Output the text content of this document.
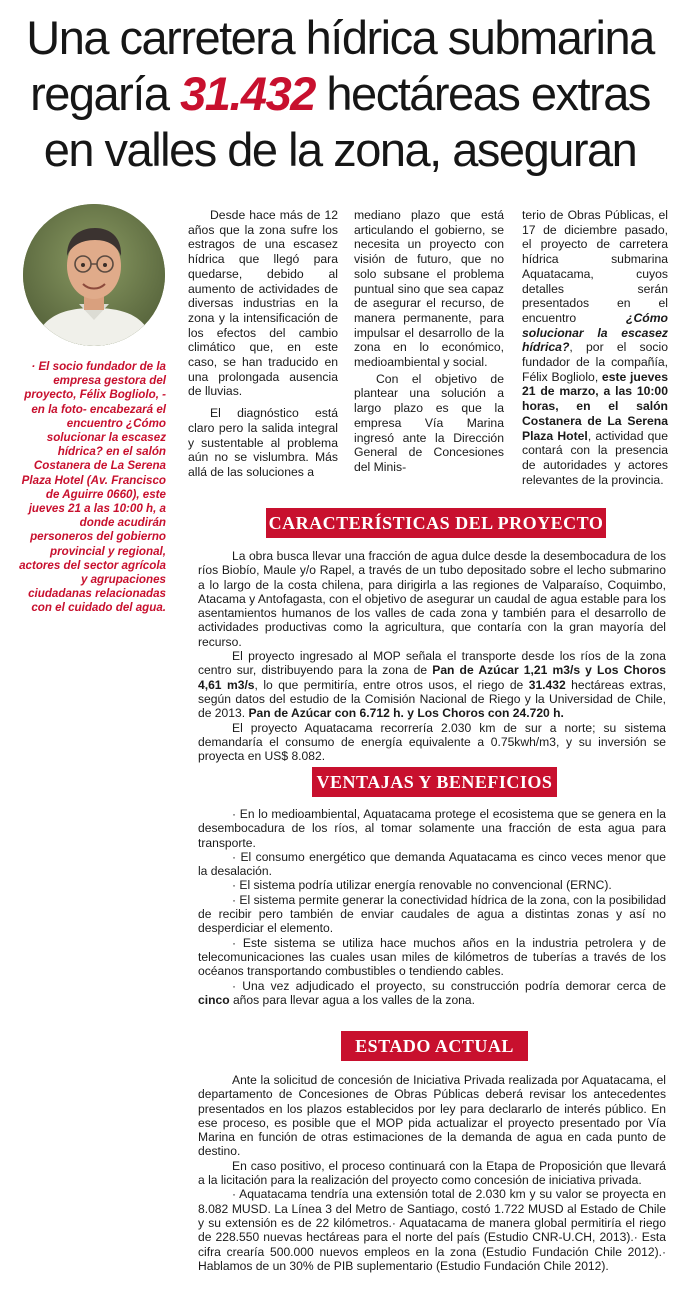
Una carretera hídrica submarina
regaría 31.432 hectáreas extras
en valles de la zona, aseguran
· El socio fundador de la empresa gestora del proyecto, Félix Bogliolo, -en la foto- encabezará el encuentro ¿Cómo solucionar la escasez hídrica? en el salón Costanera de La Serena Plaza Hotel (Av. Francisco de Aguirre 0660), este jueves 21 a las 10:00 h, a donde acudirán personeros del gobierno provincial y regional, actores del sector agrícola y agrupaciones ciudadanas relacionadas con el cuidado del agua.

Desde hace más de 12 años que la zona sufre los estragos de una escasez hídrica que llegó para quedarse, debido al aumento de actividades de diversas industrias en la zona y la intensificación de los efectos del cambio climático que, en este caso, se han traducido en una prolongada ausencia de lluvias.

El diagnóstico está claro pero la salida integral y sustentable al problema aún no se vislumbra. Más allá de las soluciones a

mediano plazo que está articulando el gobierno, se necesita un proyecto con visión de futuro, que no solo subsane el problema puntual sino que sea capaz de asegurar el recurso, de manera permanente, para impulsar el desarrollo de la zona en lo económico, medioambiental y social.

Con el objetivo de plantear una solución a largo plazo es que la empresa Vía Marina ingresó ante la Dirección General de Concesiones del Minis-

terio de Obras Públicas, el 17 de diciembre pasado, el proyecto de carretera hídrica submarina Aquatacama, cuyos detalles serán presentados en el encuentro ¿Cómo solucionar la escasez hídrica?, por el socio fundador de la compañía, Félix Bogliolo, este jueves 21 de marzo, a las 10:00 horas, en el salón Costanera de La Serena Plaza Hotel, actividad que contará con la presencia de autoridades y actores relevantes de la provincia.

CARACTERÍSTICAS DEL PROYECTO

La obra busca llevar una fracción de agua dulce desde la desembocadura de los ríos Biobío, Maule y/o Rapel, a través de un tubo depositado sobre el lecho submarino a lo largo de la costa chilena, para dirigirla a las regiones de Valparaíso, Coquimbo, Atacama y Antofagasta, con el objetivo de asegurar un caudal de agua estable para los asentamientos humanos de los valles de cada zona y también para el desarrollo de actividades productivas como la agricultura, que contaría con la gran mayoría del recurso.

El proyecto ingresado al MOP señala el transporte desde los ríos de la zona centro sur, distribuyendo para la zona de Pan de Azúcar 1,21 m3/s y Los Choros 4,61 m3/s, lo que permitiría, entre otros usos, el riego de 31.432 hectáreas extras, según datos del estudio de la Comisión Nacional de Riego y la Universidad de Chile, de 2013. Pan de Azúcar con 6.712 h. y Los Choros con 24.720 h.

El proyecto Aquatacama recorrería 2.030 km de sur a norte; su sistema demandaría el consumo de energía equivalente a 0.75kwh/m3, y su inversión se proyecta en US$ 8.082.

VENTAJAS Y BENEFICIOS

· En lo medioambiental, Aquatacama protege el ecosistema que se genera en la desembocadura de los ríos, al tomar solamente una fracción de esta agua para transporte.

· El consumo energético que demanda Aquatacama es cinco veces menor que la desalación.

· El sistema podría utilizar energía renovable no convencional (ERNC).

· El sistema permite generar la conectividad hídrica de la zona, con la posibilidad de recibir pero también de enviar caudales de agua a distintas zonas y así no desperdiciar el elemento.

· Este sistema se utiliza hace muchos años en la industria petrolera y de telecomunicaciones las cuales usan miles de kilómetros de tuberías a través de los océanos transportando combustibles o tendiendo cables.

· Una vez adjudicado el proyecto, su construcción podría demorar cerca de cinco años para llevar agua a los valles de la zona.

ESTADO ACTUAL

Ante la solicitud de concesión de Iniciativa Privada realizada por Aquatacama, el departamento de Concesiones de Obras Públicas deberá revisar los antecedentes presentados en los plazos establecidos por ley para declararlo de interés público. En ese proceso, es posible que el MOP pida actualizar el proyecto presentado por Vía Marina en función de otras estimaciones de la demanda de agua en cada punto de destino.

En caso positivo, el proceso continuará con la Etapa de Proposición que llevará a la licitación para la realización del proyecto como concesión de iniciativa privada.

· Aquatacama tendría una extensión total de 2.030 km y su valor se proyecta en 8.082 MUSD. La Línea 3 del Metro de Santiago, costó 1.722 MUSD al Estado de Chile y su extensión es de 22 kilómetros.· Aquatacama de manera global permitiría el riego de 228.550 nuevas hectáreas para el norte del país (Estudio CNR-U.CH, 2013).· Esta cifra crearía 500.000 nuevos empleos en la zona (Estudio Fundación Chile 2012).· Hablamos de un 30% de PIB suplementario (Estudio Fundación Chile 2012).
